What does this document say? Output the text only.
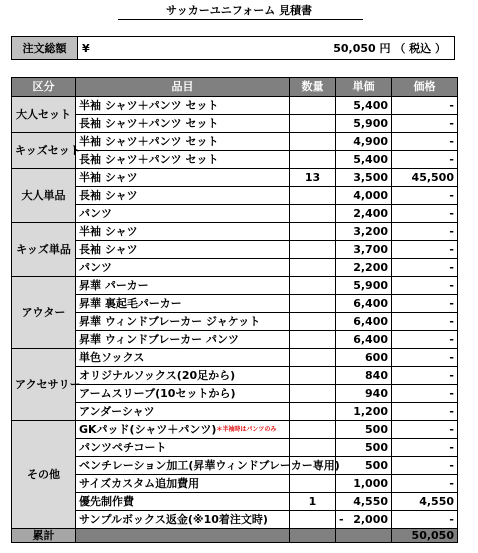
サッカーユニフォーム 見積書
注文総額	¥	50,050 円 （ 税込 ）
区分	品目	数量	単価	価格
大人セット	半袖 シャツ＋パンツ セット		5,400	-
	長袖 シャツ＋パンツ セット		5,900	-
キッズセット	半袖 シャツ＋パンツ セット		4,900	-
	長袖 シャツ＋パンツ セット		5,400	-
大人単品	半袖 シャツ	13	3,500	45,500
	長袖 シャツ		4,000	-
	パンツ		2,400	-
キッズ単品	半袖 シャツ		3,200	-
	長袖 シャツ		3,700	-
	パンツ		2,200	-
アウター	昇華 パーカー		5,900	-
	昇華 裏起毛パーカー		6,400	-
	昇華 ウィンドブレーカー ジャケット		6,400	-
	昇華 ウィンドブレーカー パンツ		6,400	-
アクセサリー	単色ソックス		600	-
	オリジナルソックス(20足から)		840	-
	アームスリーブ(10セットから)		940	-
	アンダーシャツ		1,200	-
その他	GKパッド(シャツ＋パンツ)$^{*半袖時はパンツのみ}$		500	-
	パンツペチコート		500	-
	ベンチレーション加工(昇華ウィンドブレーカー専用)		500	-
	サイズカスタム追加費用		1,000	-
	優先制作費	1	4,550	4,550
	サンプルボックス返金(※10着注文時)		- 2,000	-
累計				50,050
